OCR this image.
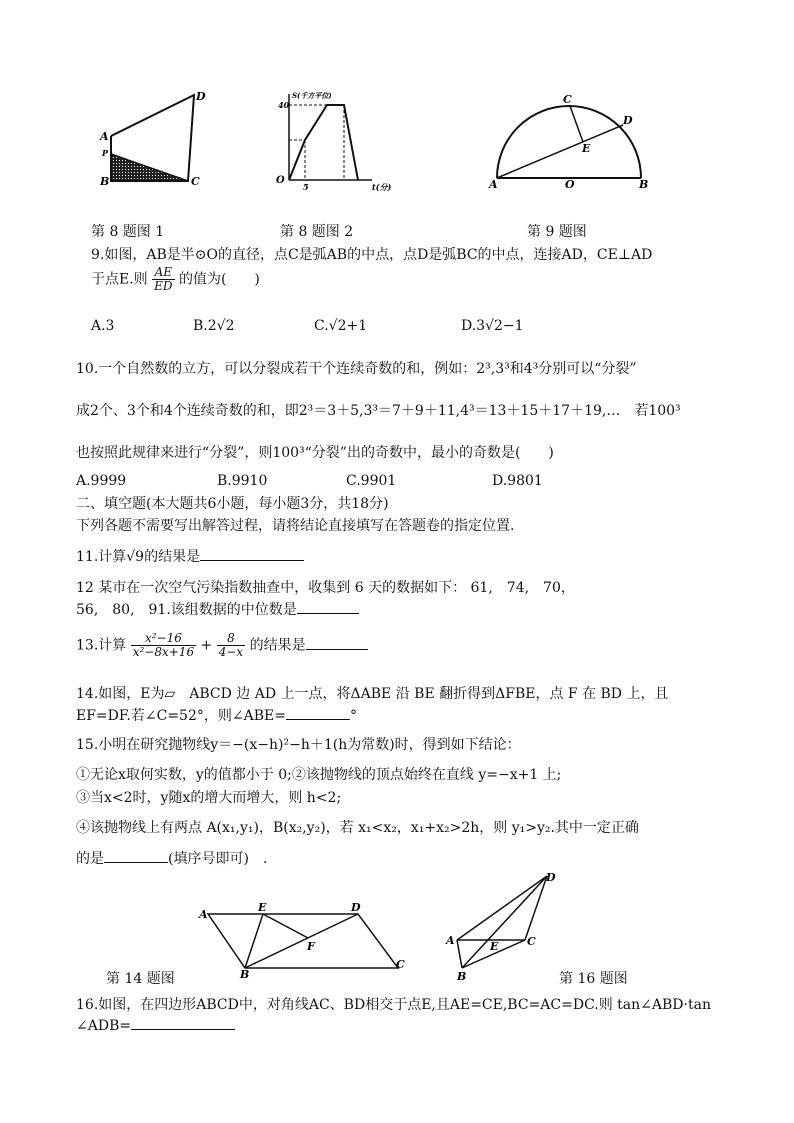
A
B
P
C
D
40
S(千方平位)
5	t(分)
O	A	O	B
C
D
E
第 8 题图 1	第 8 题图 2	第 9 题图
9.如图，AB是半⊙O的直径，点C是弧AB的中点，点D是弧BC的中点，连接AD，CE⊥AD
于点E.则 $\frac{AE}{ED}$ 的值为(　　)
A.3	B.2√2	C.√2+1	D.3√2−1
10.一个自然数的立方，可以分裂成若干个连续奇数的和，例如：2³,3³和4³分别可以“分裂”
成2个、3个和4个连续奇数的和，即2³＝3＋5,3³＝7＋9＋11,4³＝13＋15＋17＋19,…　若100³
也按照此规律来进行“分裂”，则100³“分裂”出的奇数中，最小的奇数是(　　)
A.9999	B.9910	C.9901	D.9801
二、填空题(本大题共6小题，每小题3分，共18分)
下列各题不需要写出解答过程，请将结论直接填写在答题卷的指定位置.
11.计算√9的结果是
12 某市在一次空气污染指数抽查中，收集到 6 天的数据如下： 61,　74,　70，
56,　80,　91.该组数据的中位数是
13.计算 $\frac{\text{x²−16}}{\text{x²−8x+16}} + \frac{8}{4-x}$ 的结果是
14.如图，E为▱　ABCD 边 AD 上一点，将ΔABE 沿 BE 翻折得到ΔFBE，点 F 在 BD 上，且
EF=DF.若∠C=52°，则∠ABE=	°
15.小明在研究抛物线y＝−(x−h)²−h＋1(h为常数)时，得到如下结论：
①无论x取何实数，y的值都小于 0;②该抛物线的顶点始终在直线 y=−x+1 上;
③当x<2时，y随x的增大而增大，则 h<2;
④该抛物线上有两点 A(x₁,y₁)，B(x₂,y₂)，若 x₁<x₂，x₁+x₂>2h，则 y₁>y₂.其中一定正确
的是	(填序号即可)　.
A
E	D
F
B
C
A	E	C
B
D
第 14 题图	第 16 题图
16.如图，在四边形ABCD中，对角线AC、BD相交于点E,且AE=CE,BC=AC=DC.则 tan∠ABD·tan
∠ADB=
